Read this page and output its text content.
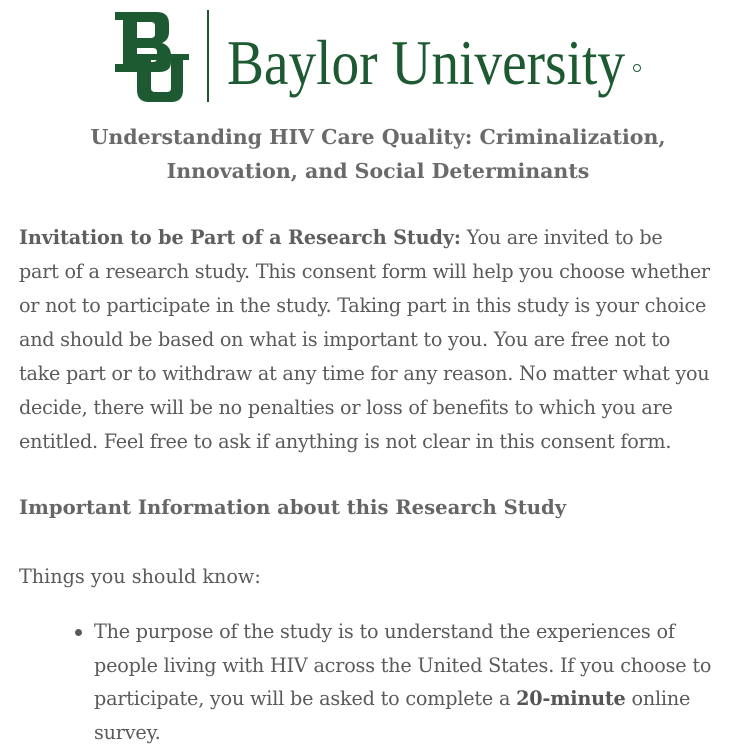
Baylor University
Understanding HIV Care Quality: Criminalization,
Innovation, and Social Determinants
Invitation to be Part of a Research Study: You are invited to be
part of a research study. This consent form will help you choose whether
or not to participate in the study. Taking part in this study is your choice
and should be based on what is important to you. You are free not to
take part or to withdraw at any time for any reason. No matter what you
decide, there will be no penalties or loss of benefits to which you are
entitled. Feel free to ask if anything is not clear in this consent form.
Important Information about this Research Study
Things you should know:
The purpose of the study is to understand the experiences of
people living with HIV across the United States. If you choose to
participate, you will be asked to complete a 20-minute online
survey.
